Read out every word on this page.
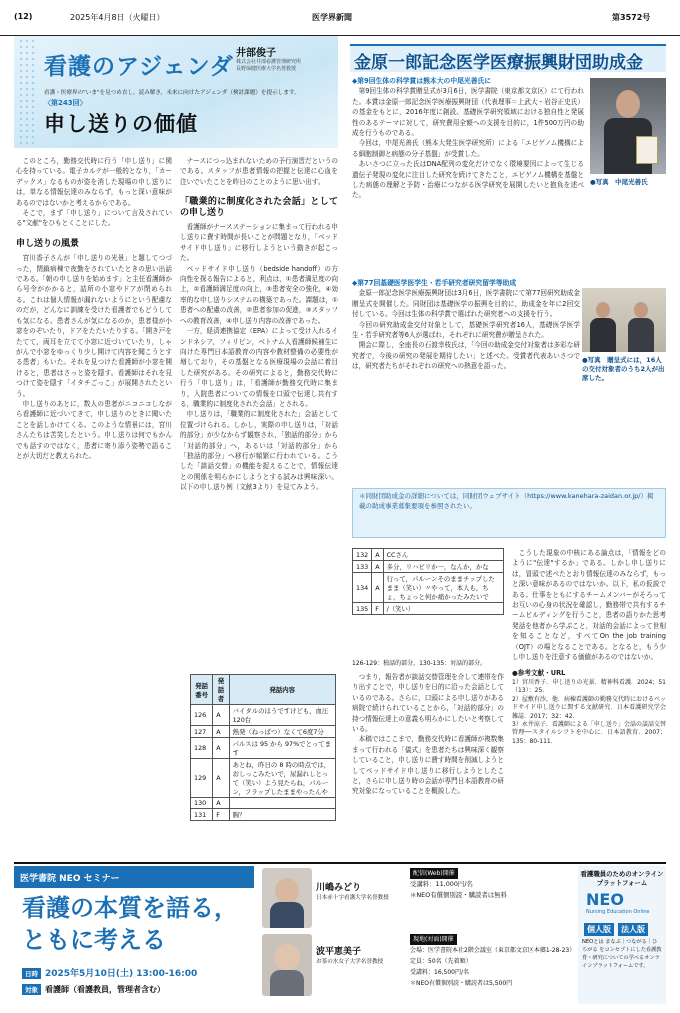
(12)	2025年4月8日（火曜日）	医学界新聞	第3572号
看護のアジェンダ 井部俊子
株式会社井部看護管理研究所
長野保健医療大学名誉教授
看護・医療界の"いま"を見つめ直し，読み解き，未来に向けたアジェンダ（検討課題）を提示します。
〈第243回〉
申し送りの価値

このところ，勤務交代時に行う「申し送り」に関心を持っている。電子カルテが一般的となり，「カーデックス」なるものが姿を消した現場の申し送りには，単なる情報伝達のみならず，もっと深い意味があるのではないかと考えるからである。

そこで，まず「申し送り」について言及されている"文献"をひもとくことにした。

申し送りの風景

宮川香子さんが「申し送りの光景」と題してつづった，閉鎖病棟で夜勤をされていたときの思い出話である。「朝の申し送りを始めます」と主任看護師から号令がかかると，詰所の小窓やドアが閉められる。これは個人情報が漏れないようにという配慮なのだが，どんなに訓練を受けた看護者でもどうしても気になる。患者さんが気になるのか，患者様が小窓をのぞいたり，ドアをたたいたりする。「開き戸をたてて，両耳を立てて小窓に近づいていたり，しゃがんで小窓をゆっくり少し開けて内容を聞こうとする患者」もいた。それを見つけた看護師が小窓を開けると，患者はさっと姿を隠す。看護師はそれを見つけて姿を隠す「イタチごっこ」が展開されたという。

申し送りのあとに，数人の患者がニコニコしながら看護師に近づいてきて，申し送りのときに聞いたことを話しかけてくる。このような情景には，宮川さんたちは苦笑したという。申し送りは何でもかんでも話すのではなく，患者に寄り添う姿勢で語ることが大切だと教えられた。

ナースにつっ込まれないための予行演習だというのである。スタッフが患者情報の把握と伝達に心血を注いでいたことを昨日のことのように思い出す。

「職業的に制度化された会話」としての申し送り

看護師がナースステーションに集まって行われる申し送りに費す時間が長いことが問題となり，「ベッドサイド申し送り」に移行しようという動きが起こった。

ベッドサイド申し送り（bedside handoff）の方向性を探る報告によると，利点は，①患者満足度の向上，②看護師満足度の向上，③患者安全の強化，④効率的な申し送りシステムの構築であった。課題は，①患者への配慮の改善，②患者参加の促進，③スタッフへの教育改善，④申し送り内容の改善であった。

一方，経済連携協定（EPA）によって受け入れるインドネシア，フィリピン，ベトナム人看護師候補生に向けた専門日本語教育の内容や教材整備の必要性が増しており，その基盤となる医療現場の会話に着目した研究がある。その研究によると，勤務交代時に行う「申し送り」は，「看護師が勤務交代時に集まり，入院患者についての情報を口頭で伝達し共有する，職業的に制度化された会話」とされる。

申し送りは，「職業的に制度化された」会話として位置づけられる。しかし，実際の申し送りは，「対話的部分」が少なからず観察され，「独話的部分」から「対話的部分」へ，あるいは「対話的部分」から「独話的部分」へ移行が頻繁に行われている。こうした「談話交替」の機能を捉えることで，情報伝達との関係を明らかにしようとする試みは興味深い。以下の申し送り例（文献3より）を見てみよう。

発話番号	発話者	発話内容
126	A	バイタルのほうですけども，血圧 120台
127	A	熱発（ねっぱつ）なくて6度7分
128	A	パルスは 95 から 97%でとってます
129	A	あとね，昨日の 8 時の時点では，おしっこみたいで，尿漏れしとって（笑い）よう見たらね，パルーン，フラップしたままやったんや
130	A	
131	F	胸？
132	A	CCさん
133	A	多分，リハビリか一，なんか，かな
134	A	行って，パルーンそのままチップしたまま（笑い）〃やって，本人も，ちょ，ちょっと何か痛かったみたいで
135	F	/（笑い）
126-129：独話的部分，130-135：対話的部分。

つまり，報告者が談話交替管理を介して連帯を作り出すことで，申し送りを日的に沿った会話としているのである。さらに，口頭による申し送りがある病院で続けられていることから，「対話的部分」の持つ情報伝達上の意義も明らかにしたいと考察している。

本稿ではここまで，勤務交代時に看護師が複数集まって行われる「儀式」を患者たちは興味深く観察していること，申し送りに費す時間を削減しようとしてベッドサイド申し送りに移行しようとしたこと，さらに申し送り時の会話が専門日本語教育の研究対象になっていることを概説した。

こうした現象の中核にある論点は，「情報をどのように"伝達"するか」である。しかし申し送りには，冒頭で述べたとおり情報伝達のみならず，もっと深い意味があるのではないか。以下，私の仮説である。仕事をともにするチームメンバーがそろってお互いの心身の状況を確認し，勤務帯で共有するチームビルディングを行うこと，患者の語りかた思考発話を他者から学ぶこと，対話的会話によって世相を知ることなど，すべてOn the job training（OJT）の場となることである。となると，もう少し申し送りを注意する価値があるのではないか。

●参考文献・URL
1）宮川香子．申し送りの光景．精神科看護．2024；51（13）：25．
2）屋敷有沙，他．病棟看護師の勤務交代時におけるベッドサイド申し送りに関する文献研究．日本看護研究学会雑誌．2017；32：42．
3）永井涼子．看護師による「申し送り」会話の談話交替管理──スタイルシフトを中心に．日本語教育．2007；135：80-111．
金原一郎記念医学医療振興財団助成金
◆第9回生体の科学賞は熊本大の中尾光善氏に

第9回生体の科学賞贈呈式が3月6日，医学書院（東京都文京区）にて行われた。本賞は金原一郎記念医学医療振興財団（代表理事＝上武大・岩谷正史氏）の基金をもとに，2016年度に創設。基礎医学研究領域における独自性と発展性のあるテーマに対して，研究費用全額への支援を目的に，1件500万円の助成を行うものである。

今回は，中尾光善氏（熊本大発生医学研究所）による「エピゲノム機構による細胞制御と病態の分子基盤」が受賞した。

あいさつに立った氏はDNA配列の変化だけでなく環境要因によって生じる遺伝子発現の変化に注目した研究を続けてきたこと，エピゲノム機構を基盤とした病態の理解と予防・治療につながる医学研究を展開したいと抱負を述べた。

●写真　中尾光善氏
◆第77回基礎医学医学生・若手研究者研究留学等助成

金原一郎記念医学医療振興財団は3月6日，医学書院にて第77回研究助成金贈呈式を開催した。同財団は基礎医学の振興を目的に，助成金を年に2回交付している。今回は生体の科学賞で選ばれた研究者への支援を行う。

今回の研究助成金交付対象として，基礎医学研究者16人，基礎医学医学生・若手研究者等6人が選ばれ，それぞれに研究費が贈呈された。

開会に際し，全座長の石渡幸枝氏は，「今回の助成金交付対象者は多彩な研究者で，今後の研究の発展を期待したい」と述べた。受賞者代表あいさつでは，研究者たちがそれぞれの研究への熱意を語った。

●写真　贈呈式には，16人の交付対象者のうち2人が出席した。
＊同財団助成金の詳細については，同財団ウェブサイト（https://www.kanehara-zaidan.or.jp/）掲載の助成事業募集要項を参照されたい。
医学書院 NEO セミナー
看護の本質を語る，
ともに考える
日時 2025年5月10日(土) 13:00-16:00
対象 看護師（看護教員，管理者含む）
川嶋みどり
日本赤十字看護大学名誉教授
波平恵美子
お茶の水女子大学名誉教授
配信(Web)開催
受講料：11,000円/名
＊NEO有償個別読・購読者は無料
現地(対面)開催
会場：医学書院本社2階会議室（東京都文京区本郷1-28-23）
定員：50名（先着順）
受講料：16,500円/名
＊NEO有償個別読・購読者は5,500円
看護職員のためのオンラインプラットフォーム
NEO
Nursing Education Online
個人版 法人版
NEOとは まなぶ｜つながる｜ひろがる をコンセプトにした看護教育・研究についての学べるオンラインプラットフォームです。
